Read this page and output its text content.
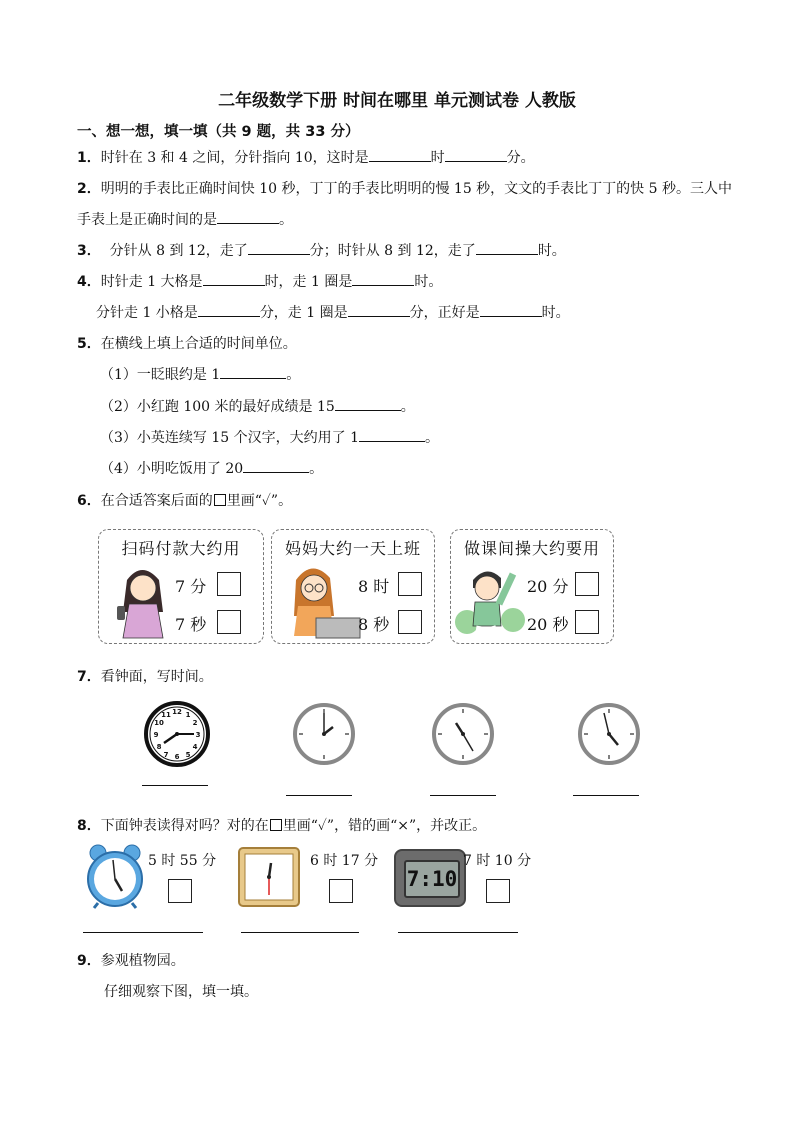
二年级数学下册 时间在哪里 单元测试卷 人教版
一、想一想，填一填（共 9 题，共 33 分）
1．时针在 3 和 4 之间，分针指向 10，这时是	时	分。
2．明明的手表比正确时间快 10 秒，丁丁的手表比明明的慢 15 秒，文文的手表比丁丁的快 5 秒。三人中
手表上是正确时间的是	。
3． 分针从 8 到 12，走了	分；时针从 8 到 12，走了	时。
4．时针走 1 大格是	时，走 1 圈是	时。
分针走 1 小格是	分，走 1 圈是	分，正好是	时。
5．在横线上填上合适的时间单位。
（1）一眨眼约是 1	。
（2）小红跑 100 米的最好成绩是 15	。
（3）小英连续写 15 个汉字，大约用了 1	。
（4）小明吃饭用了 20	。
6．在合适答案后面的 里画“✓”。
扫码付款大约用
7 分
7 秒
妈妈大约一天上班
8 时
8 秒
做课间操大约要用
20 分
20 秒
7．看钟面，写时间。
12
3
6
9
1
2
4
5
7
8
10
11
8．下面钟表读得对吗？对的在 里画“✓”，错的画“×”，并改正。
5 时 55 分	6 时 17 分
7:10
7 时 10 分
9．参观植物园。
仔细观察下图，填一填。
